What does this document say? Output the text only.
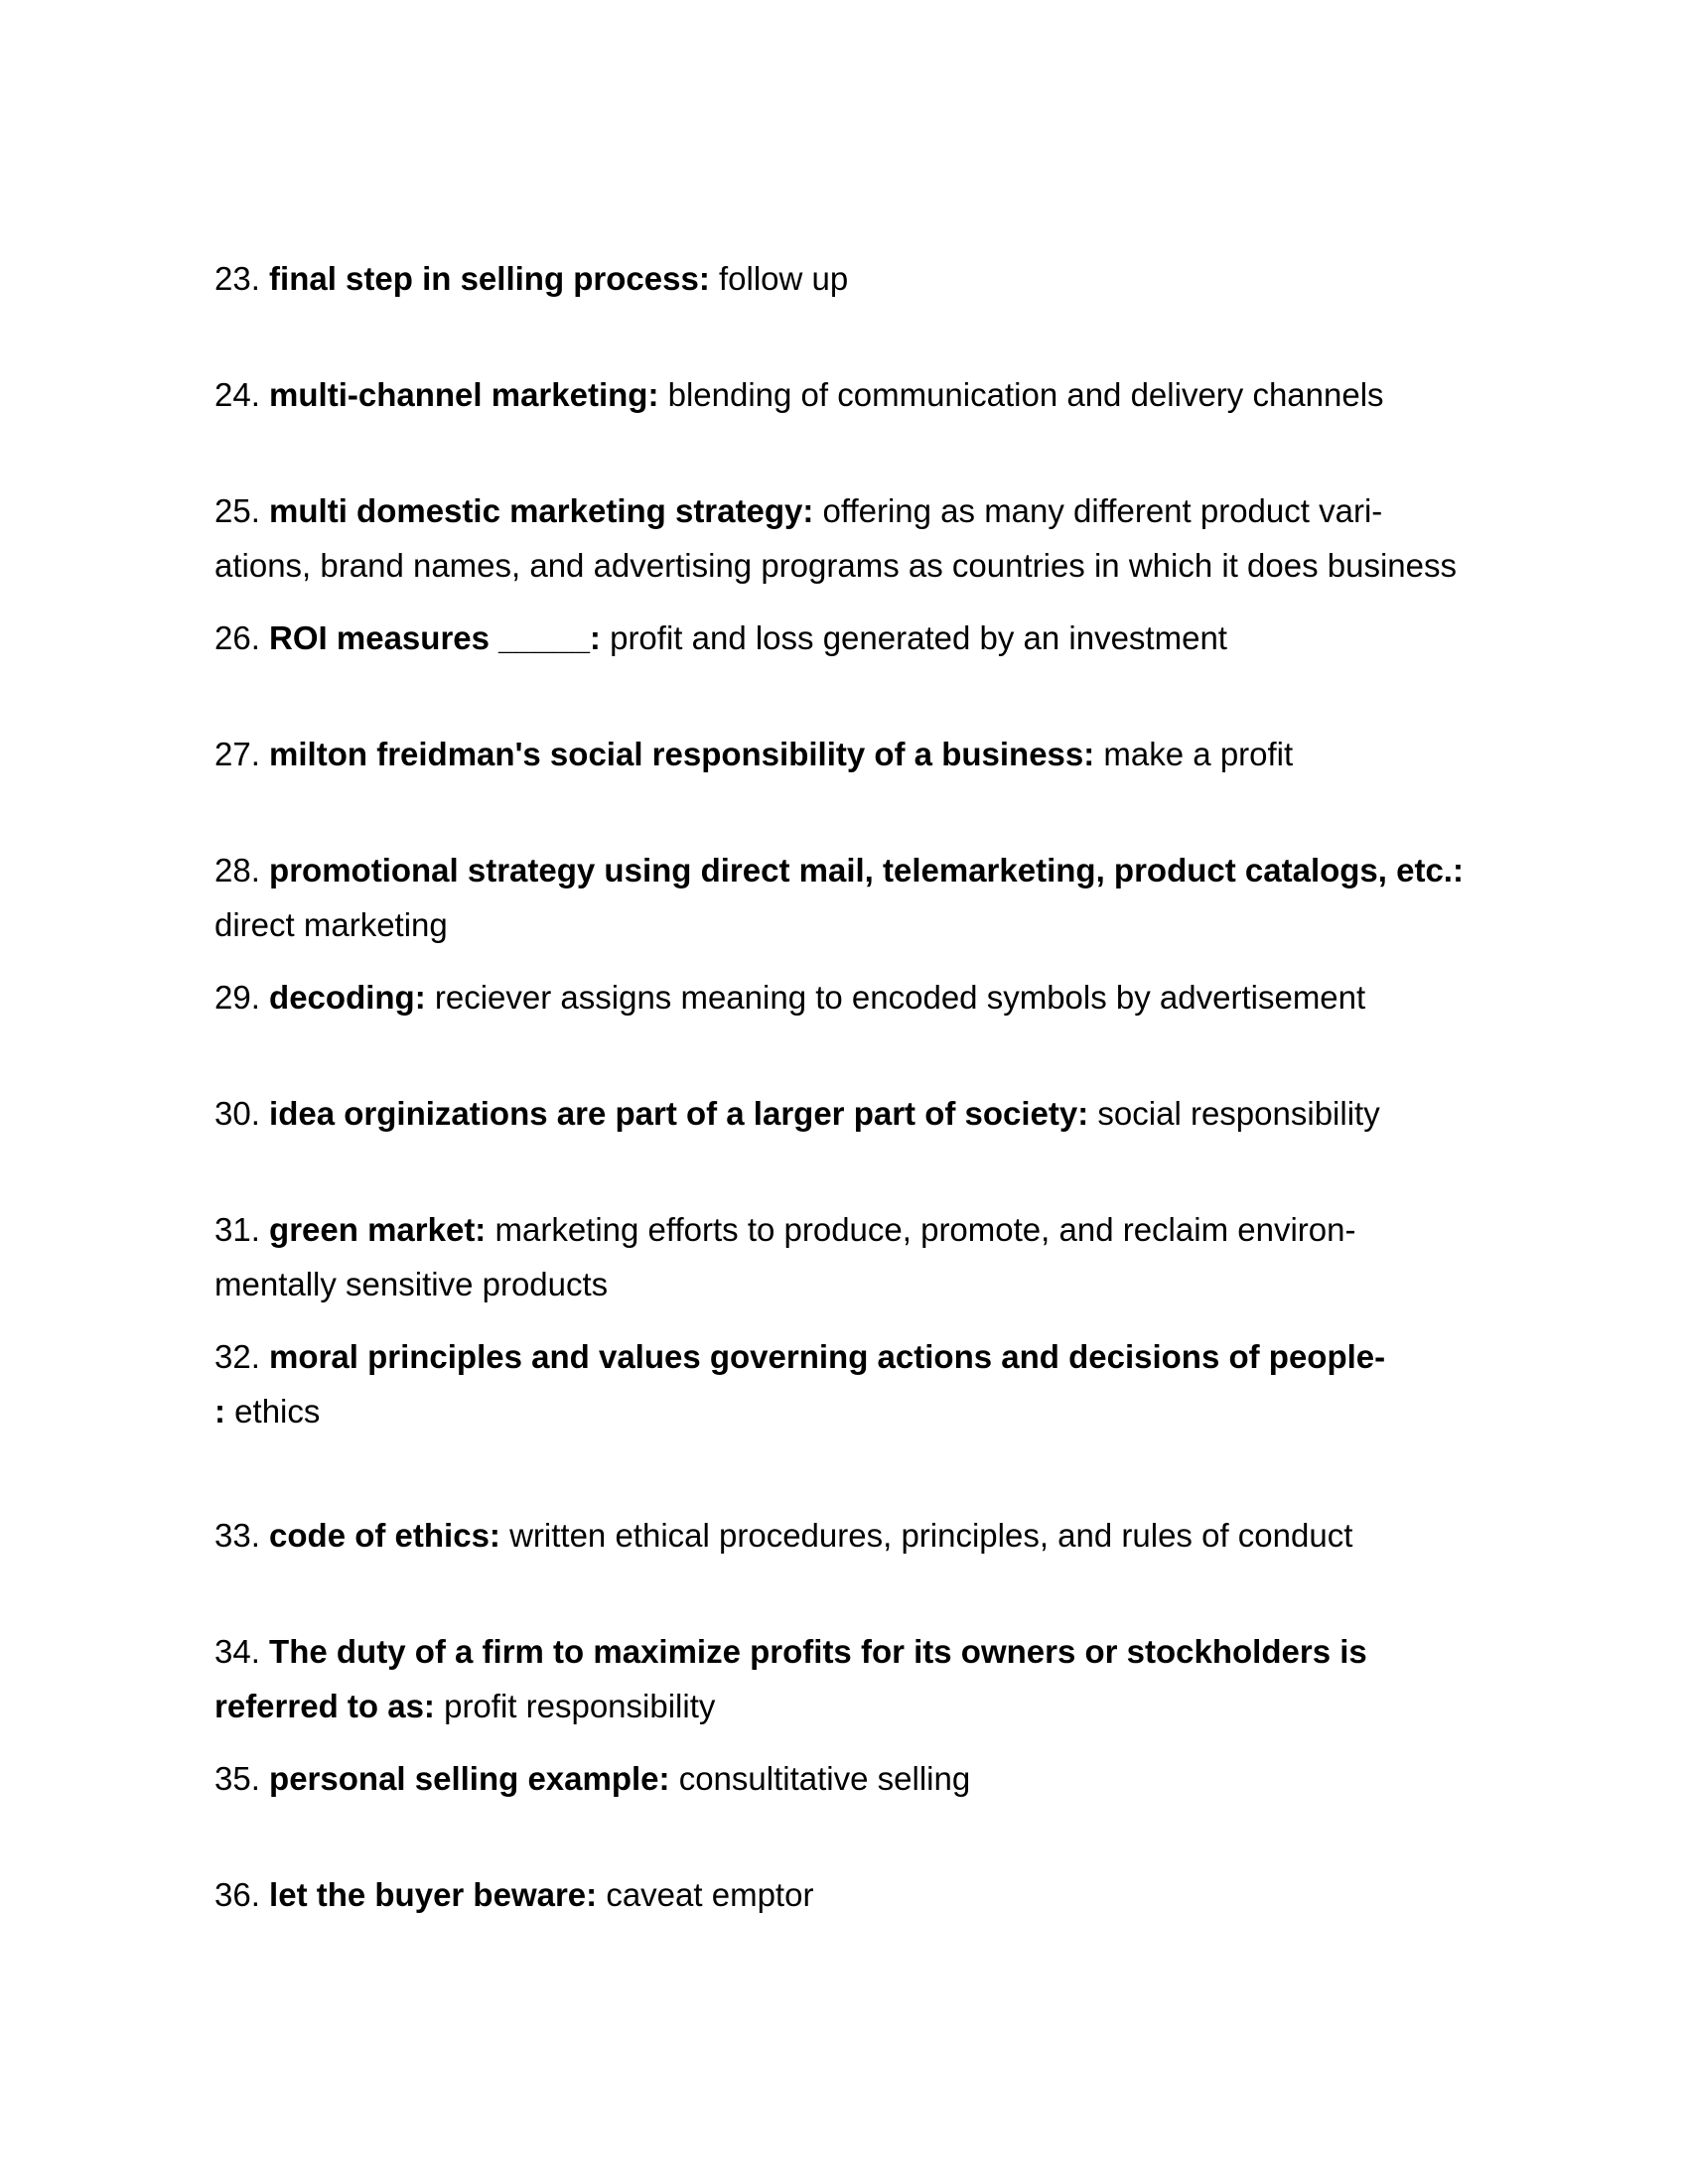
23. final step in selling process: follow up
24. multi-channel marketing: blending of communication and delivery channels
25. multi domestic marketing strategy: offering as many different product vari-
ations, brand names, and advertising programs as countries in which it does business
26. ROI measures _____: profit and loss generated by an investment
27. milton freidman's social responsibility of a business: make a profit
28. promotional strategy using direct mail, telemarketing, product catalogs, etc.:
direct marketing
29. decoding: reciever assigns meaning to encoded symbols by advertisement
30. idea orginizations are part of a larger part of society: social responsibility
31. green market: marketing efforts to produce, promote, and reclaim environ-
mentally sensitive products
32. moral principles and values governing actions and decisions of people-
: ethics
33. code of ethics: written ethical procedures, principles, and rules of conduct
34. The duty of a firm to maximize profits for its owners or stockholders is
referred to as: profit responsibility
35. personal selling example: consultitative selling
36. let the buyer beware: caveat emptor
